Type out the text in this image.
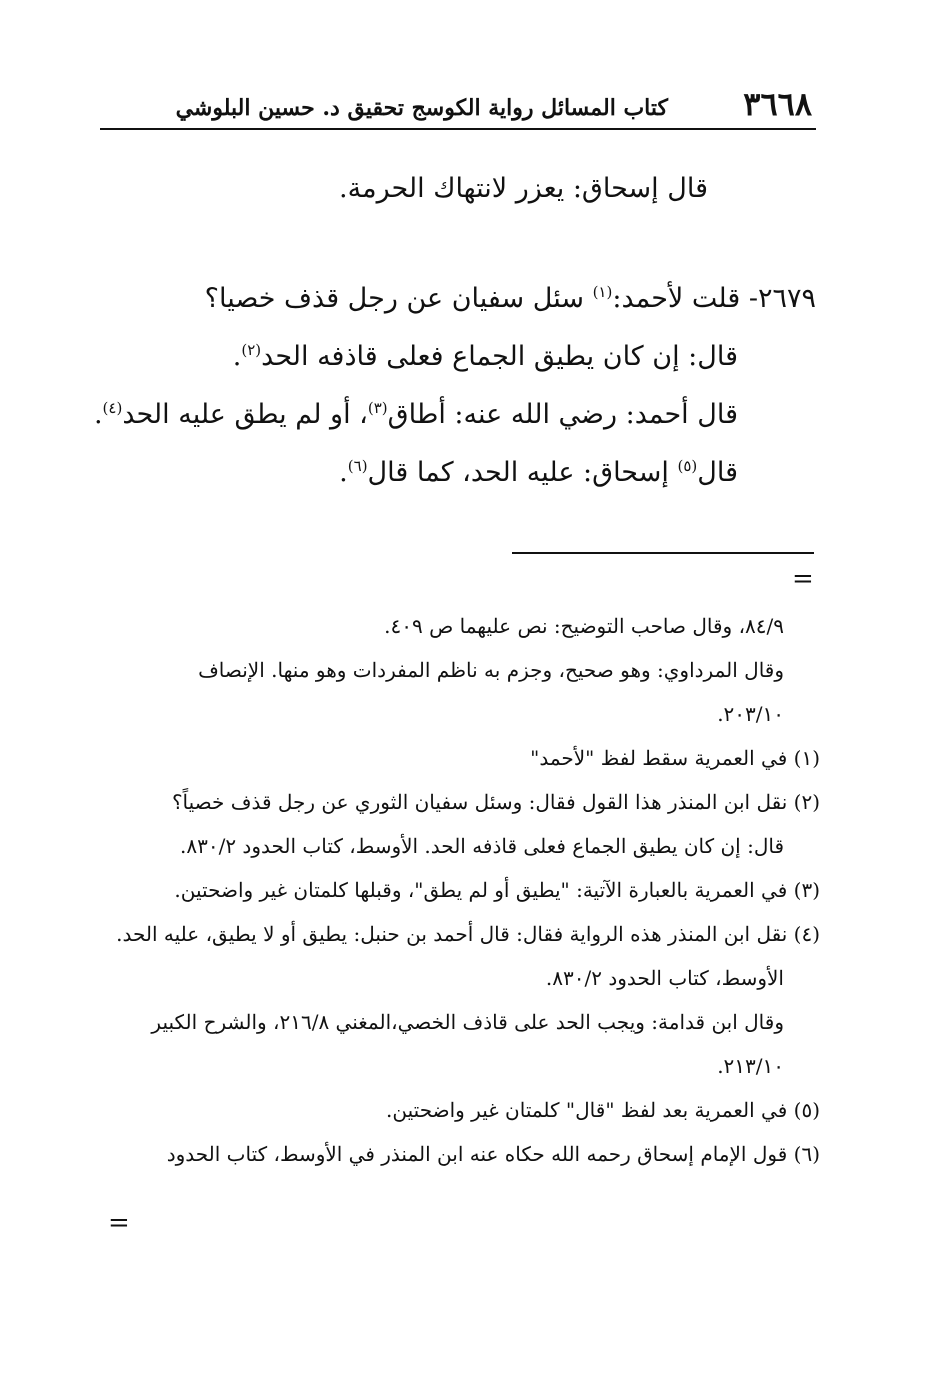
٣٦٦٨
كتاب المسائل رواية الكوسج تحقيق د. حسين البلوشي
قال إسحاق: يعزر لانتهاك الحرمة.
٢٦٧٩- قلت لأحمد:$^{(١)}$ سئل سفيان عن رجل قذف خصيا؟
قال: إن كان يطيق الجماع فعلى قاذفه الحد$^{(٢)}$.
قال أحمد: رضي الله عنه: أطاق$^{(٣)}$، أو لم يطق عليه الحد$^{(٤)}$.
قال$^{(٥)}$ إسحاق: عليه الحد، كما قال$^{(٦)}$.
=
٨٤/٩، وقال صاحب التوضيح: نص عليهما ص ٤٠٩.
وقال المرداوي: وهو صحيح، وجزم به ناظم المفردات وهو منها. الإنصاف
٢٠٣/١٠.
(١) في العمرية سقط لفظ "لأحمد"
(٢) نقل ابن المنذر هذا القول فقال: وسئل سفيان الثوري عن رجل قذف خصياً؟
قال: إن كان يطيق الجماع فعلى قاذفه الحد. الأوسط، كتاب الحدود ٨٣٠/٢.
(٣) في العمرية بالعبارة الآتية: "يطيق أو لم يطق"، وقبلها كلمتان غير واضحتين.
(٤) نقل ابن المنذر هذه الرواية فقال: قال أحمد بن حنبل: يطيق أو لا يطيق، عليه الحد.
الأوسط، كتاب الحدود ٨٣٠/٢.
وقال ابن قدامة: ويجب الحد على قاذف الخصي،المغني ٢١٦/٨، والشرح الكبير
٢١٣/١٠.
(٥) في العمرية بعد لفظ "قال" كلمتان غير واضحتين.
(٦) قول الإمام إسحاق رحمه الله حكاه عنه ابن المنذر في الأوسط، كتاب الحدود
=
